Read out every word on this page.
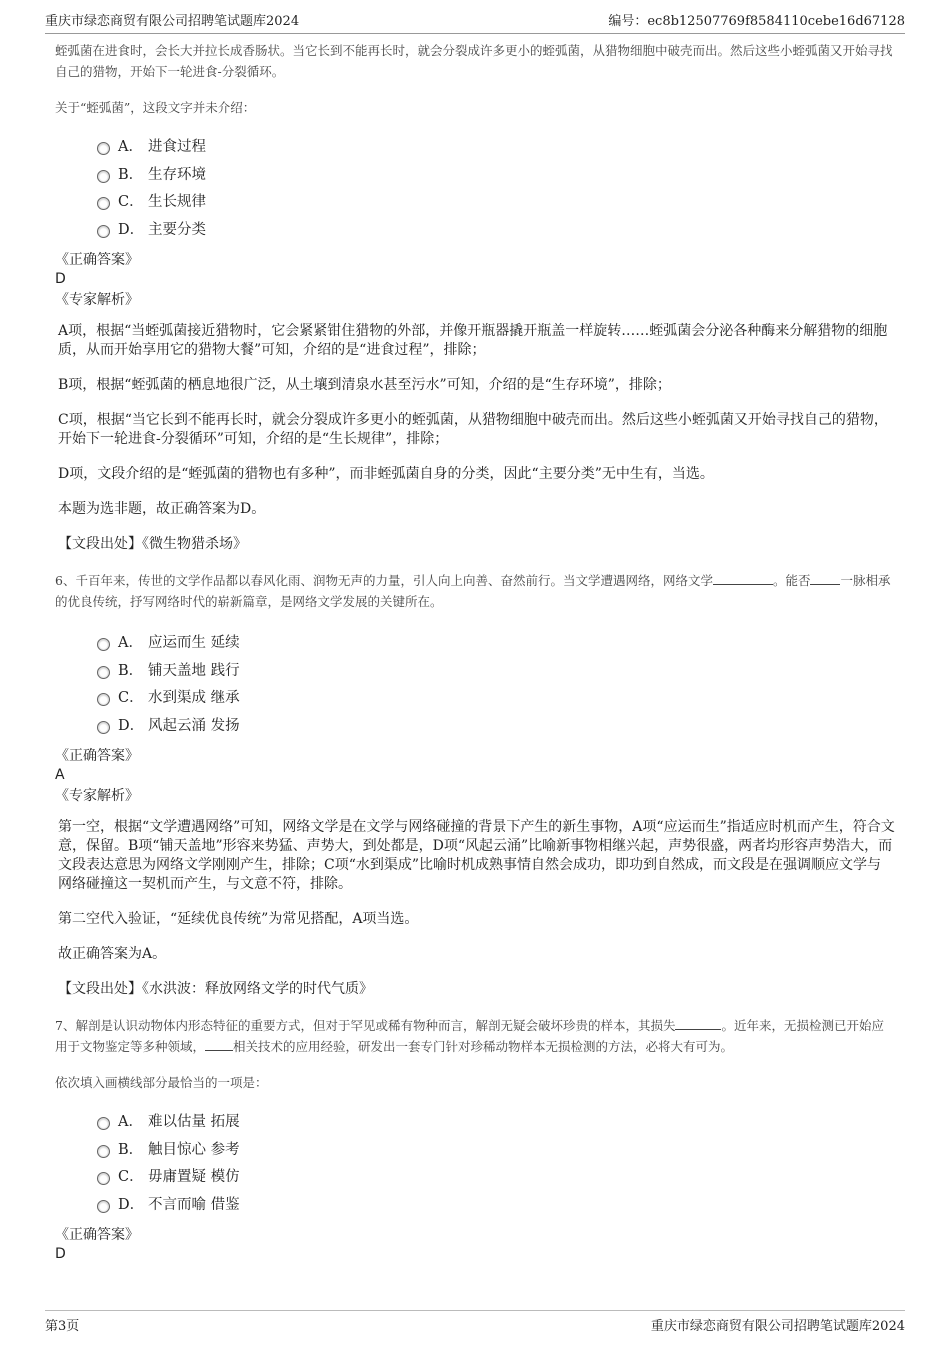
重庆市绿恋商贸有限公司招聘笔试题库2024	编号：ec8b12507769f8584110cebe16d67128

蛭弧菌在进食时，会长大并拉长成香肠状。当它长到不能再长时，就会分裂成许多更小的蛭弧菌，从猎物细胞中破壳而出。然后这些小蛭弧菌又开始寻找自己的猎物，开始下一轮进食-分裂循环。

关于“蛭弧菌”，这段文字并未介绍：

A． 进食过程
B． 生存环境
C． 生长规律
D． 主要分类

《正确答案》

D

《专家解析》

A项，根据“当蛭弧菌接近猎物时，它会紧紧钳住猎物的外部，并像开瓶器撬开瓶盖一样旋转……蛭弧菌会分泌各种酶来分解猎物的细胞质，从而开始享用它的猎物大餐”可知，介绍的是“进食过程”，排除；

B项，根据“蛭弧菌的栖息地很广泛，从土壤到清泉水甚至污水”可知，介绍的是“生存环境”，排除；

C项，根据“当它长到不能再长时，就会分裂成许多更小的蛭弧菌，从猎物细胞中破壳而出。然后这些小蛭弧菌又开始寻找自己的猎物，开始下一轮进食-分裂循环”可知，介绍的是“生长规律”，排除；

D项，文段介绍的是“蛭弧菌的猎物也有多种”，而非蛭弧菌自身的分类，因此“主要分类”无中生有，当选。

本题为选非题，故正确答案为D。

【文段出处】《微生物猎杀场》

6、千百年来，传世的文学作品都以春风化雨、润物无声的力量，引人向上向善、奋然前行。当文学遭遇网络，网络文学	。能否 一脉相承的优良传统，抒写网络时代的崭新篇章，是网络文学发展的关键所在。

A． 应运而生 延续
B． 铺天盖地 践行
C． 水到渠成 继承
D． 风起云涌 发扬

《正确答案》

A

《专家解析》

第一空，根据“文学遭遇网络”可知，网络文学是在文学与网络碰撞的背景下产生的新生事物，A项“应运而生”指适应时机而产生，符合文意，保留。B项“铺天盖地”形容来势猛、声势大，到处都是，D项“风起云涌”比喻新事物相继兴起，声势很盛，两者均形容声势浩大，而文段表达意思为网络文学刚刚产生，排除；C项“水到渠成”比喻时机成熟事情自然会成功，即功到自然成，而文段是在强调顺应文学与网络碰撞这一契机而产生，与文意不符，排除。

第二空代入验证，“延续优良传统”为常见搭配，A项当选。

故正确答案为A。

【文段出处】《水洪波：释放网络文学的时代气质》

7、解剖是认识动物体内形态特征的重要方式，但对于罕见或稀有物种而言，解剖无疑会破坏珍贵的样本，其损失	。近年来，无损检测已开始应用于文物鉴定等多种领域， 相关技术的应用经验，研发出一套专门针对珍稀动物样本无损检测的方法，必将大有可为。

依次填入画横线部分最恰当的一项是：

A． 难以估量 拓展
B． 触目惊心 参考
C． 毋庸置疑 模仿
D． 不言而喻 借鉴

《正确答案》

D

第3页	重庆市绿恋商贸有限公司招聘笔试题库2024
